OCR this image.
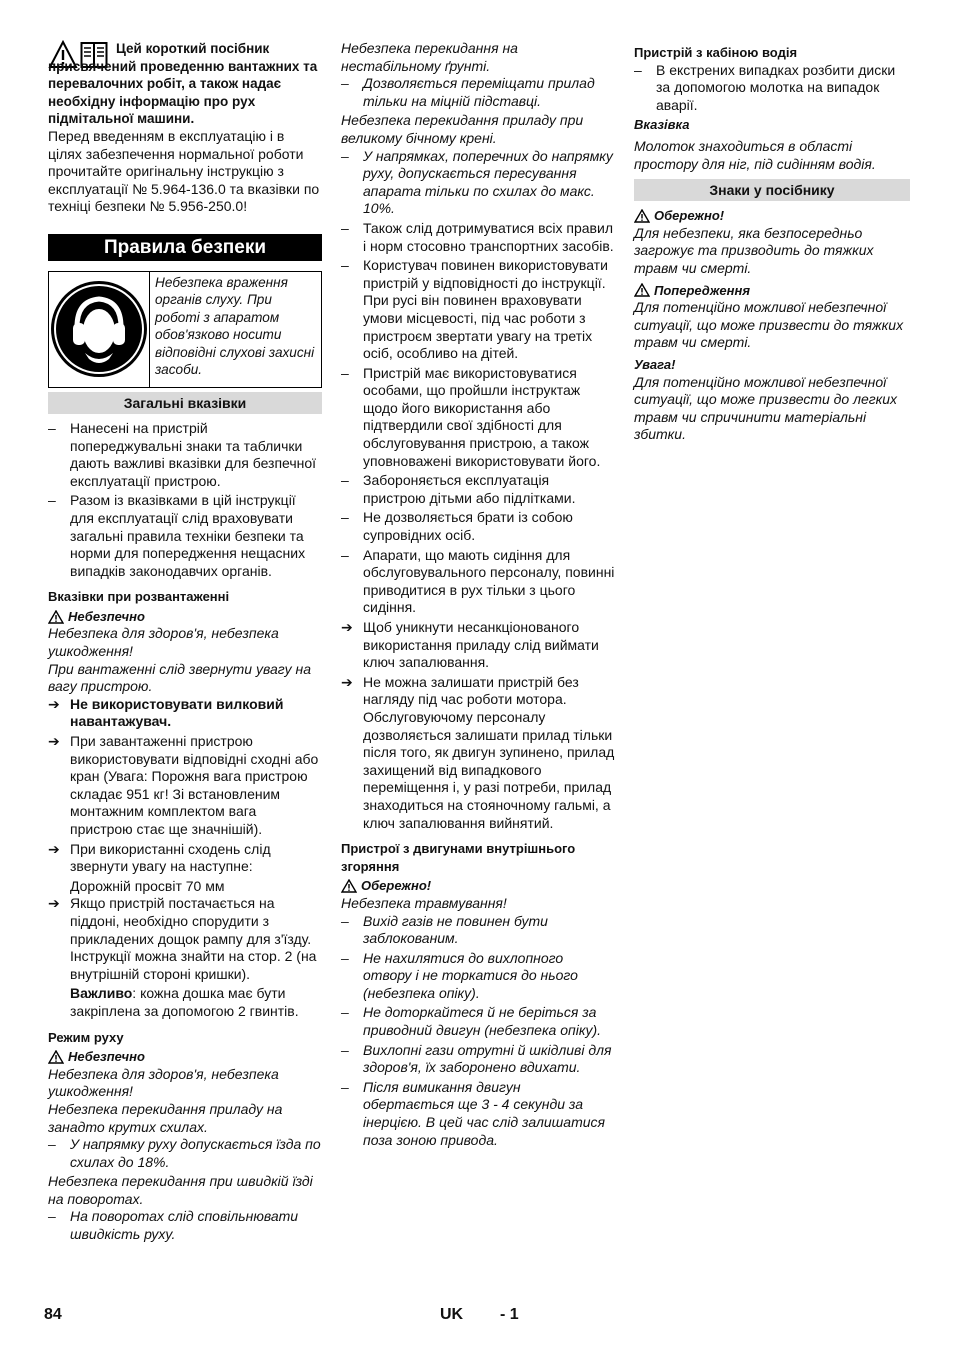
Цей короткий посібник присвячений проведенню вантажних та перевалочних робіт, а також надає необхідну інформацію про рух підмітальної машини.

Перед введенням в експлуатацію і в цілях забезпечення нормальної роботи прочитайте оригінальну інструкцію з експлуатації № 5.964-136.0 та вказівки по техніці безпеки № 5.956-250.0!

Правила безпеки
Небезпека враження органів слуху. При роботі з апаратом обов'язково носити відповідні слухові захисні засоби.
Загальні вказівки
–	Нанесені на пристрій попереджувальні знаки та таблички дають важливі вказівки для безпечної експлуатації пристрою.
–	Разом із вказівками в цій інструкції для експлуатації слід враховувати загальні правила техніки безпеки та норми для попередження нещасних випадків законодавчих органів.
Вказівки при розвантаженні
Небезпечно

Небезпека для здоров'я, небезпека ушкодження!

При вантаженні слід звернути увагу на вагу пристрою.

➔ Не використовувати вилковий навантажувач.
➔ При завантаженні пристрою використовувати відповідні сходні або кран (Увага: Порожня вага пристрою складає 951 кг! Зі встановленим монтажним комплектом вага пристрою стає ще значнішій).
➔ При використанні сходень слід звернути увагу на наступне:

Дорожній просвіт 70 мм

➔ Якщо пристрій постачається на піддоні, необхідно спорудити з прикладених дощок рампу для з'їзду. Інструкції можна знайти на стор. 2 (на внутрішній стороні кришки).

Важливо: кожна дошка має бути закріплена за допомогою 2 гвинтів.

Режим руху
Небезпечно

Небезпека для здоров'я, небезпека ушкодження!

Небезпека перекидання приладу на занадто крутих схилах.

–	У напрямку руху допускається їзда по схилах до 18%.

Небезпека перекидання при швидкій їзді на поворотах.

–	На поворотах слід сповільнювати швидкість руху.

Небезпека перекидання на нестабільному ґрунті.

–	Дозволяється переміщати прилад тільки на міцній підставці.

Небезпека перекидання приладу при великому бічному крені.

–	У напрямках, поперечних до напрямку руху, допускається пересування апарата тільки по схилах до макс. 10%.
–	Також слід дотримуватися всіх правил і норм стосовно транспортних засобів.
–	Користувач повинен використовувати пристрій у відповідності до інструкції. При русі він повинен враховувати умови місцевості, під час роботи з пристроєм звертати увагу на третіх осіб, особливо на дітей.
–	Пристрій має використовуватися особами, що пройшли інструктаж щодо його використання або підтвердили свої здібності для обслуговування пристрою, а також уповноважені використовувати його.
–	Забороняється експлуатація пристрою дітьми або підлітками.
–	Не дозволяється брати із собою супровідних осіб.
–	Апарати, що мають сидіння для обслуговувального персоналу, повинні приводитися в рух тільки з цього сидіння.
➔ Щоб уникнути несанкціонованого використання приладу слід виймати ключ запалювання.
➔ Не можна залишати пристрій без нагляду під час роботи мотора. Обслуговуючому персоналу дозволяється залишати прилад тільки після того, як двигун зупинено, прилад захищений від випадкового переміщення і, у разі потреби, прилад знаходиться на стояночному гальмі, а ключ запалювання вийнятий.
Пристрої з двигунами внутрішнього згоряння
Обережно!

Небезпека травмування!

–	Вихід газів не повинен бути заблокованим.
–	Не нахилятися до вихлопного отвору і не торкатися до нього (небезпека опіку).
–	Не доторкайтеся й не беріться за приводний двигун (небезпека опіку).
–	Вихлопні гази отрутні й шкідливі для здоров'я, їх заборонено вдихати.
–	Після вимикання двигун обертається ще 3 - 4 секунди за інерцією. В цей час слід залишатися поза зоною привода.
Пристрій з кабіною водія
–	В екстрених випадках розбити диски за допомогою молотка на випадок аварії.

Вказівка

Молоток знаходиться в області простору для ніг, під сидінням водія.

Знаки у посібнику
Обережно!

Для небезпеки, яка безпосередньо загрожує та призводить до тяжких травм чи смерті.

Попередження

Для потенційно можливої небезпечної ситуації, що може призвести до тяжких травм чи смерті.

Увага!

Для потенційно можливої небезпечної ситуації, що може призвести до легких травм чи спричинити матеріальні збитки.

84	UK - 1
